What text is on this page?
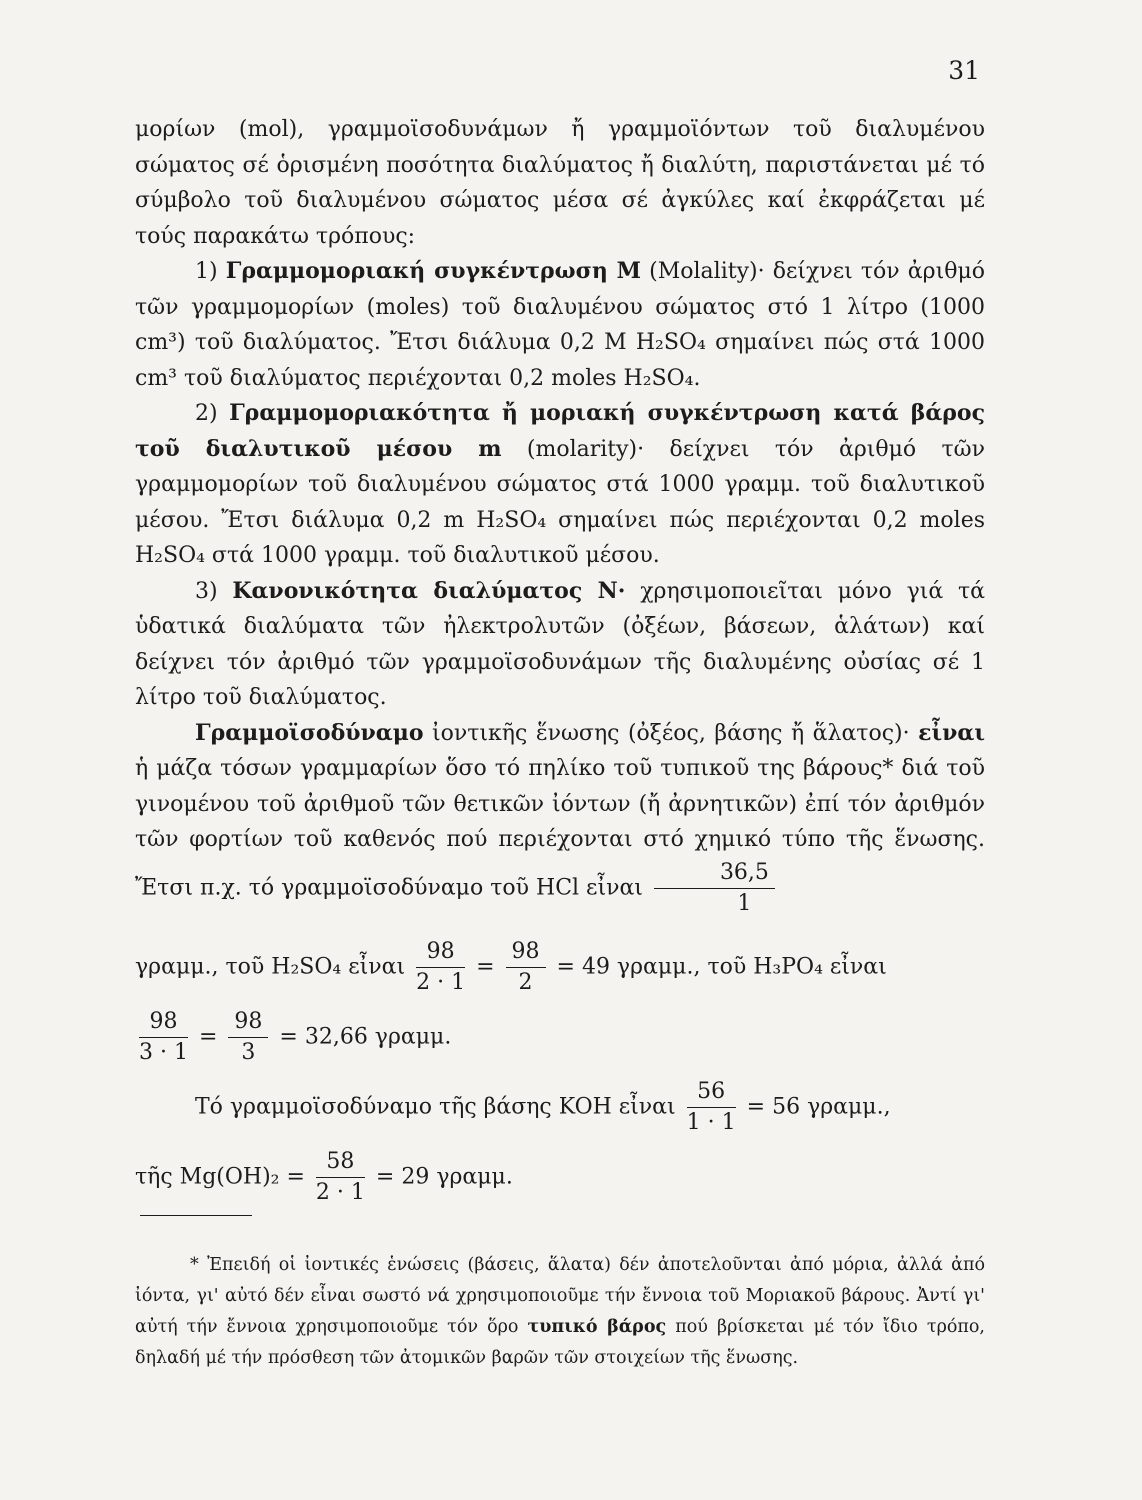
31

μορίων (mol), γραμμοϊσοδυνάμων ἤ γραμμοϊόντων τοῦ διαλυμένου σώματος σέ ὁρισμένη ποσότητα διαλύματος ἤ διαλύτη, παριστάνεται μέ τό σύμβολο τοῦ διαλυμένου σώματος μέσα σέ ἀγκύλες καί ἐκφράζεται μέ τούς παρακάτω τρόπους:

1) Γραμμομοριακή συγκέντρωση M (Molality)· δείχνει τόν ἀριθμό τῶν γραμμομορίων (moles) τοῦ διαλυμένου σώματος στό 1 λίτρο (1000 cm³) τοῦ διαλύματος. Ἔτσι διάλυμα 0,2 M H₂SO₄ σημαίνει πώς στά 1000 cm³ τοῦ διαλύματος περιέχονται 0,2 moles H₂SO₄.

2) Γραμμομοριακότητα ἤ μοριακή συγκέντρωση κατά βάρος τοῦ διαλυτικοῦ μέσου m (molarity)· δείχνει τόν ἀριθμό τῶν γραμμομορίων τοῦ διαλυμένου σώματος στά 1000 γραμμ. τοῦ διαλυτικοῦ μέσου. Ἔτσι διάλυμα 0,2 m H₂SO₄ σημαίνει πώς περιέχονται 0,2 moles H₂SO₄ στά 1000 γραμμ. τοῦ διαλυτικοῦ μέσου.

3) Κανονικότητα διαλύματος N· χρησιμοποιεῖται μόνο γιά τά ὑδατικά διαλύματα τῶν ἠλεκτρολυτῶν (ὀξέων, βάσεων, ἁλάτων) καί δείχνει τόν ἀριθμό τῶν γραμμοϊσοδυνάμων τῆς διαλυμένης οὐσίας σέ 1 λίτρο τοῦ διαλύματος.

Γραμμοϊσοδύναμο ἰοντικῆς ἕνωσης (ὀξέος, βάσης ἤ ἅλατος)· εἶναι ἡ μάζα τόσων γραμμαρίων ὅσο τό πηλίκο τοῦ τυπικοῦ της βάρους* διά τοῦ γινομένου τοῦ ἀριθμοῦ τῶν θετικῶν ἰόντων (ἤ ἀρνητικῶν) ἐπί τόν ἀριθμόν τῶν φορτίων τοῦ καθενός πού περιέχονται στό χημικό τύπο τῆς ἕνωσης. Ἔτσι π.χ. τό γραμμοϊσοδύναμο τοῦ HCl εἶναι $\frac{36,5}{1}$

γραμμ., τοῦ H₂SO₄ εἶναι $\frac{98}{2 \cdot 1} = \frac{98}{2} = 49$ γραμμ., τοῦ H₃PO₄ εἶναι
$\frac{98}{3 \cdot 1} = \frac{98}{3} = 32,66$ γραμμ.
Τό γραμμοϊσοδύναμο τῆς βάσης KOH εἶναι $\frac{56}{1 \cdot 1} = 56$ γραμμ.,
τῆς $Mg(OH)_2 = \frac{58}{2 \cdot 1} = 29$ γραμμ.

* Ἐπειδή οἱ ἰοντικές ἑνώσεις (βάσεις, ἅλατα) δέν ἀποτελοῦνται ἀπό μόρια, ἀλλά ἀπό ἰόντα, γι' αὐτό δέν εἶναι σωστό νά χρησιμοποιοῦμε τήν ἔννοια τοῦ Μοριακοῦ βάρους. Ἀντί γι' αὐτή τήν ἔννοια χρησιμοποιοῦμε τόν ὅρο τυπικό βάρος πού βρίσκεται μέ τόν ἴδιο τρόπο, δηλαδή μέ τήν πρόσθεση τῶν ἀτομικῶν βαρῶν τῶν στοιχείων τῆς ἕνωσης.
